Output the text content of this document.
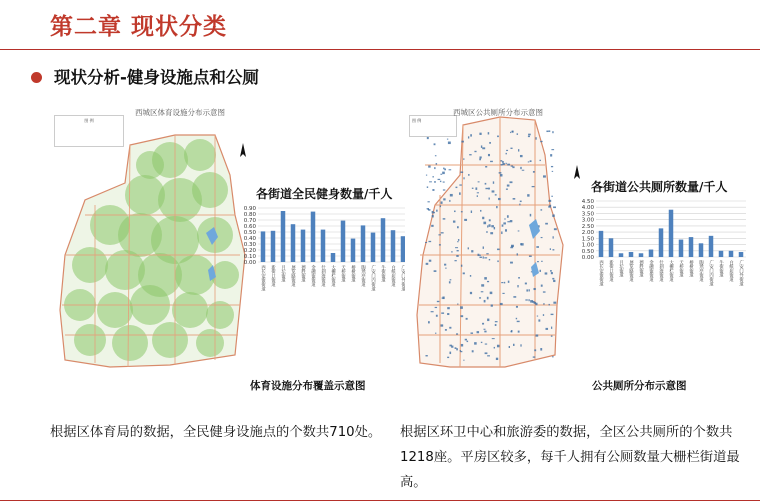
第二章 现状分类
现状分析-健身设施点和公厕
图 例
西城区体育设施分布示意图
各街道全民健身数量/千人
0.90
0.80
0.70
0.60
0.50
0.40
0.30
0.20
0.10
0.00
西长安街街道 新街口街道 月坛街道 展览路街道 德胜街道 金融街街道 什刹海街道 大栅栏街道 天桥街道 椿树街道 陶然亭街道 广安门内街道 牛街街道 白纸坊街道 广安门外街道
图 例
西城区公共厕所分布示意图
各街道公共厕所数量/千人
4.50
4.00
3.50
3.00
2.50
2.00
1.50
1.00
0.50
0.00
西长安街街道 新街口街道 月坛街道 展览路街道 德胜街道 金融街街道 什刹海街道 大栅栏街道 天桥街道 椿树街道 陶然亭街道 广安门内街道 牛街街道 白纸坊街道 广安门外街道
体育设施分布覆盖示意图	公共厕所分布示意图
根据区体育局的数据，全民健身设施点的个数共710处。	根据区环卫中心和旅游委的数据，全区公共厕所的个数共1218座。平房区较多，每千人拥有公厕数量大栅栏街道最高。
